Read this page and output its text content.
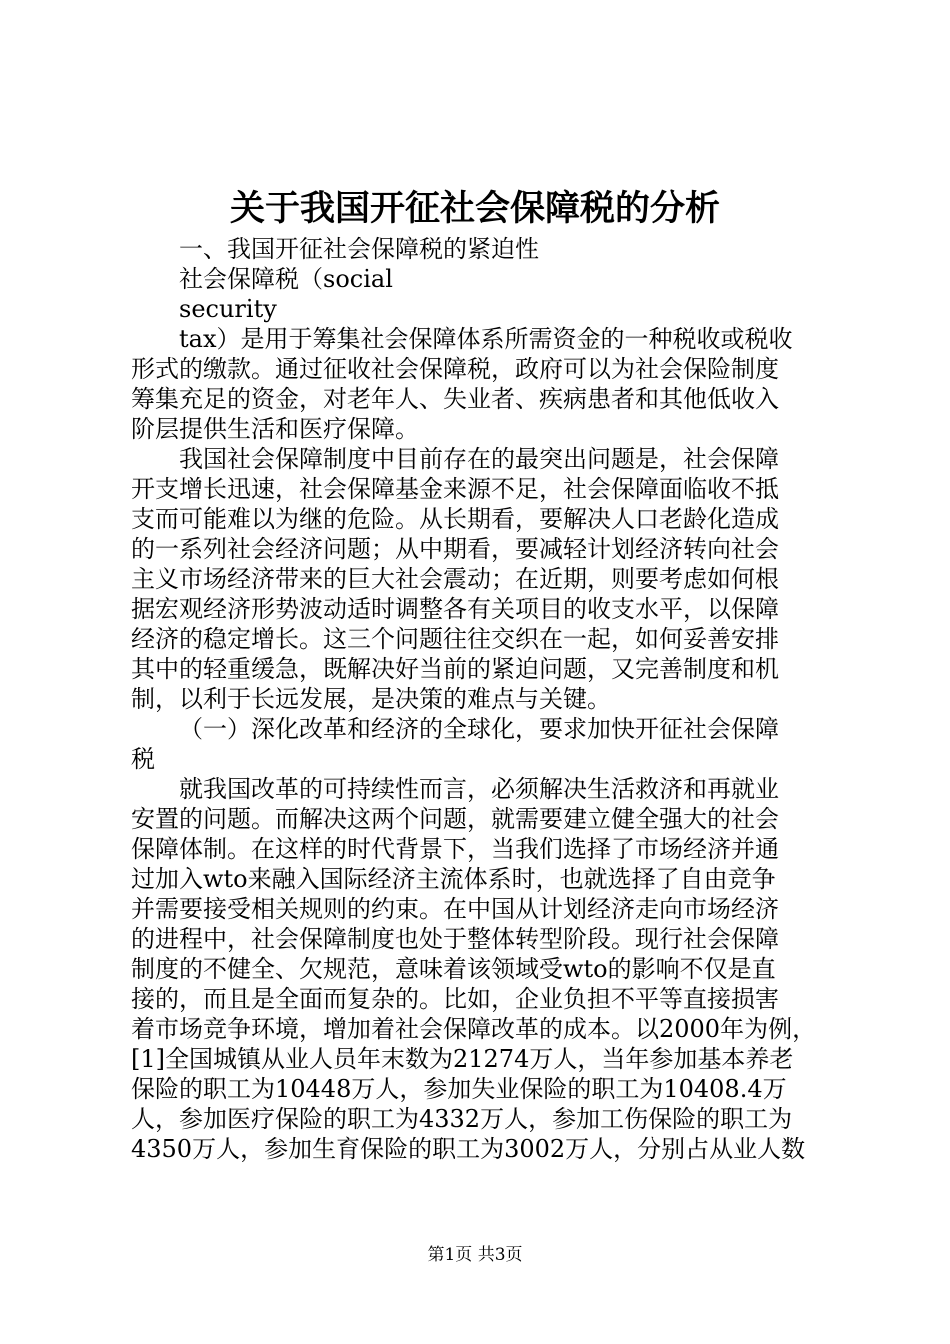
关于我国开征社会保障税的分析
一、我国开征社会保障税的紧迫性
社会保障税（social
security
tax）是用于筹集社会保障体系所需资金的一种税收或税收
形式的缴款。通过征收社会保障税，政府可以为社会保险制度
筹集充足的资金，对老年人、失业者、疾病患者和其他低收入
阶层提供生活和医疗保障。
我国社会保障制度中目前存在的最突出问题是，社会保障
开支增长迅速，社会保障基金来源不足，社会保障面临收不抵
支而可能难以为继的危险。从长期看，要解决人口老龄化造成
的一系列社会经济问题；从中期看，要减轻计划经济转向社会
主义市场经济带来的巨大社会震动；在近期，则要考虑如何根
据宏观经济形势波动适时调整各有关项目的收支水平，以保障
经济的稳定增长。这三个问题往往交织在一起，如何妥善安排
其中的轻重缓急，既解决好当前的紧迫问题，又完善制度和机
制，以利于长远发展，是决策的难点与关键。
（一）深化改革和经济的全球化，要求加快开征社会保障
税
就我国改革的可持续性而言，必须解决生活救济和再就业
安置的问题。而解决这两个问题，就需要建立健全强大的社会
保障体制。在这样的时代背景下，当我们选择了市场经济并通
过加入wto来融入国际经济主流体系时，也就选择了自由竞争
并需要接受相关规则的约束。在中国从计划经济走向市场经济
的进程中，社会保障制度也处于整体转型阶段。现行社会保障
制度的不健全、欠规范，意味着该领域受wto的影响不仅是直
接的，而且是全面而复杂的。比如，企业负担不平等直接损害
着市场竞争环境，增加着社会保障改革的成本。以2000年为例，
[1]全国城镇从业人员年末数为21274万人，当年参加基本养老
保险的职工为10448万人，参加失业保险的职工为10408.4万
人，参加医疗保险的职工为4332万人，参加工伤保险的职工为
4350万人，参加生育保险的职工为3002万人，分别占从业人数
第1页 共3页
